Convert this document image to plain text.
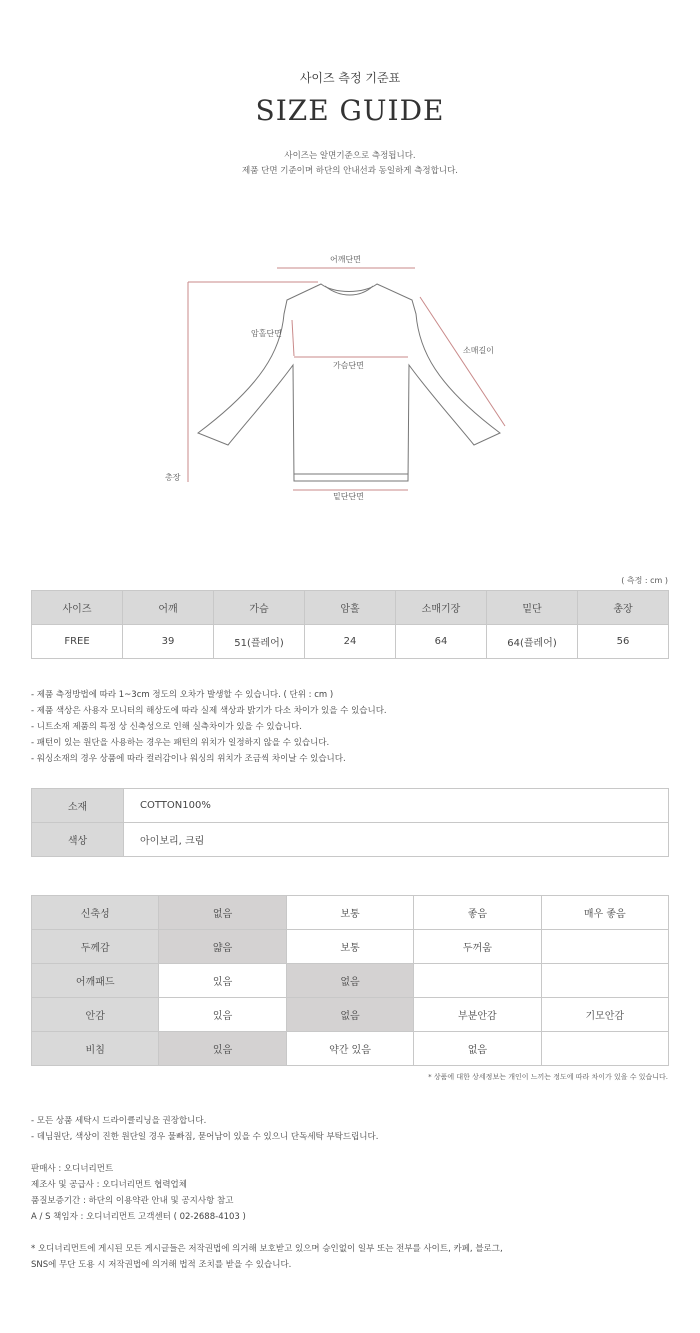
사이즈 측정 기준표
SIZE GUIDE
사이즈는 알면기준으로 측정됩니다.
제품 단면 기준이며 하단의 안내선과 동일하게 측정합니다.
어깨단면
암홀단면
소매길이
가슴단면
총장
밑단단면
( 측정 : cm )
사이즈	어깨	가슴	암홀	소매기장	밑단	총장
FREE	39	51(플레어)	24	64	64(플레어)	56
- 제품 측정방법에 따라 1~3cm 정도의 오차가 발생할 수 있습니다. ( 단위 : cm )
- 제품 색상은 사용자 모니터의 해상도에 따라 실제 색상과 밝기가 다소 차이가 있을 수 있습니다.
- 니트소재 제품의 특정 상 신축성으로 인해 실측차이가 있을 수 있습니다.
- 패턴이 있는 원단을 사용하는 경우는 패턴의 위치가 일정하지 않을 수 있습니다.
- 워싱소재의 경우 상품에 따라 컬러감이나 워싱의 위치가 조금씩 차이날 수 있습니다.
소재	COTTON100%
색상	아이보리, 크림
신축성	없음	보통	좋음	매우 좋음
두께감	얇음	보통	두꺼움	
어깨패드	있음	없음		
안감	있음	없음	부분안감	기모안감
비침	있음	약간 있음	없음	
* 상품에 대한 상세정보는 개인이 느끼는 정도에 따라 차이가 있을 수 있습니다.
- 모든 상품 세탁시 드라이클리닝을 권장합니다.
- 데님원단, 색상이 진한 원단일 경우 물빠짐, 묻어남이 있을 수 있으니 단독세탁 부탁드립니다.
판매사 : 오디너리먼트
제조사 및 공급사 : 오디너리먼트 협력업체
품질보증기간 : 하단의 이용약관 안내 및 공지사항 참고
A / S 책임자 : 오디너리먼트 고객센터 ( 02-2688-4103 )
* 오디너리먼트에 게시된 모든 게시글들은 저작권법에 의거해 보호받고 있으며 승인없이 일부 또는 전부를 사이트, 카페, 블로그,
SNS에 무단 도용 시 저작권법에 의거해 법적 조치를 받을 수 있습니다.
